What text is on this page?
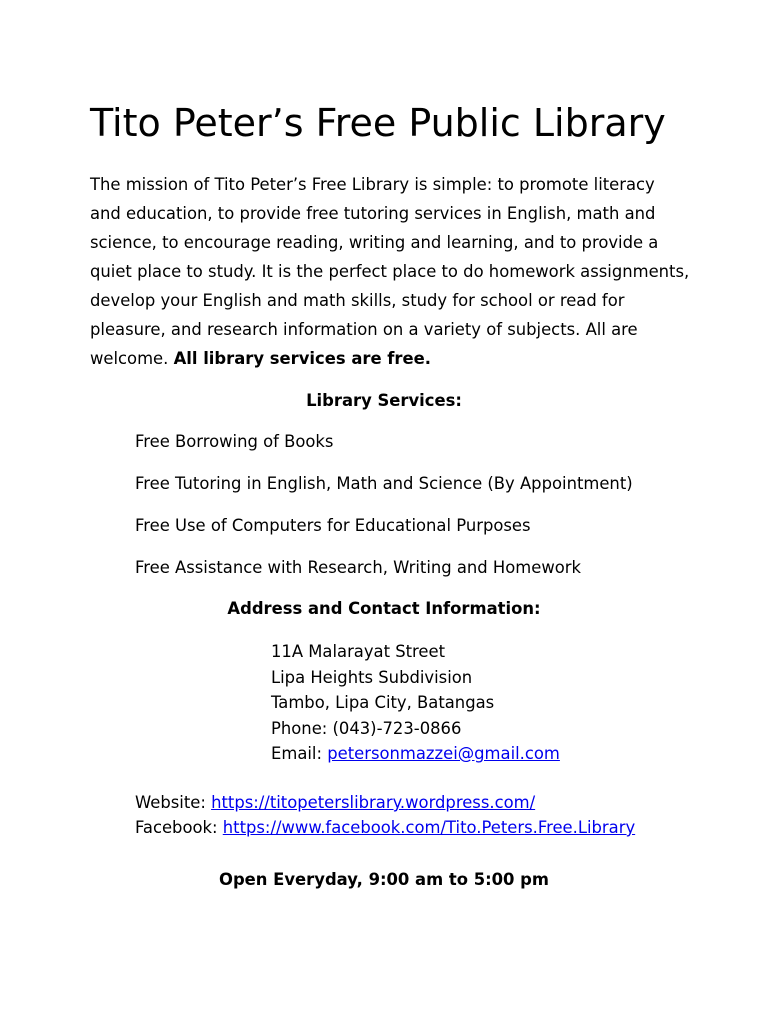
Tito Peter’s Free Public Library

The mission of Tito Peter’s Free Library is simple: to promote literacy and education, to provide free tutoring services in English, math and science, to encourage reading, writing and learning, and to provide a quiet place to study. It is the perfect place to do homework assignments, develop your English and math skills, study for school or read for pleasure, and research information on a variety of subjects. All are welcome. All library services are free.

Library Services:
Free Borrowing of Books
Free Tutoring in English, Math and Science (By Appointment)
Free Use of Computers for Educational Purposes
Free Assistance with Research, Writing and Homework
Address and Contact Information:
11A Malarayat Street
Lipa Heights Subdivision
Tambo, Lipa City, Batangas
Phone: (043)-723-0866
Email: petersonmazzei@gmail.com
Website: https://titopeterslibrary.wordpress.com/
Facebook: https://www.facebook.com/Tito.Peters.Free.Library
Open Everyday, 9:00 am to 5:00 pm
